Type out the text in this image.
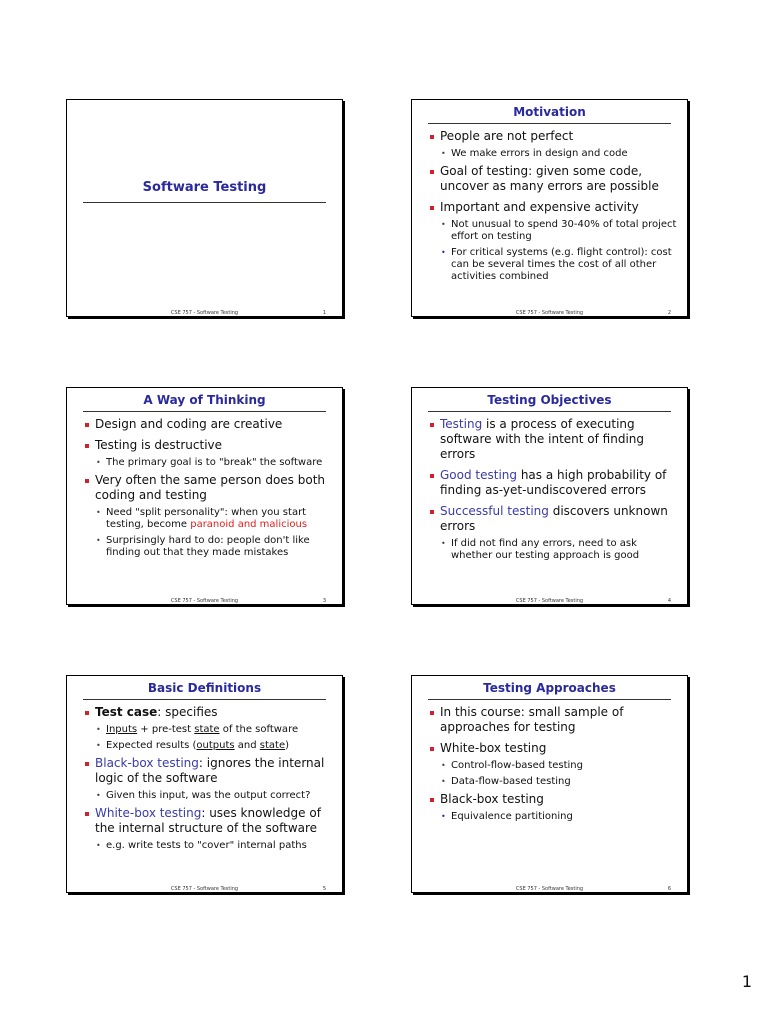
Software Testing
CSE 757 - Software Testing	1
Motivation
People are not perfect
• We make errors in design and code
Goal of testing: given some code, uncover as many errors are possible
Important and expensive activity
• Not unusual to spend 30-40% of total project effort on testing
• For critical systems (e.g. flight control): cost can be several times the cost of all other activities combined
CSE 757 - Software Testing	2
A Way of Thinking
Design and coding are creative
Testing is destructive
• The primary goal is to "break" the software
Very often the same person does both coding and testing
• Need "split personality": when you start testing, become paranoid and malicious
• Surprisingly hard to do: people don't like finding out that they made mistakes
CSE 757 - Software Testing	3
Testing Objectives
Testing is a process of executing software with the intent of finding errors
Good testing has a high probability of finding as-yet-undiscovered errors
Successful testing discovers unknown errors
• If did not find any errors, need to ask whether our testing approach is good
CSE 757 - Software Testing	4
Basic Definitions
Test case: specifies
• Inputs + pre-test state of the software
• Expected results (outputs and state)
Black-box testing: ignores the internal logic of the software
• Given this input, was the output correct?
White-box testing: uses knowledge of the internal structure of the software
• e.g. write tests to "cover" internal paths
CSE 757 - Software Testing	5
Testing Approaches
In this course: small sample of approaches for testing
White-box testing
• Control-flow-based testing
• Data-flow-based testing
Black-box testing
• Equivalence partitioning
CSE 757 - Software Testing	6
1
